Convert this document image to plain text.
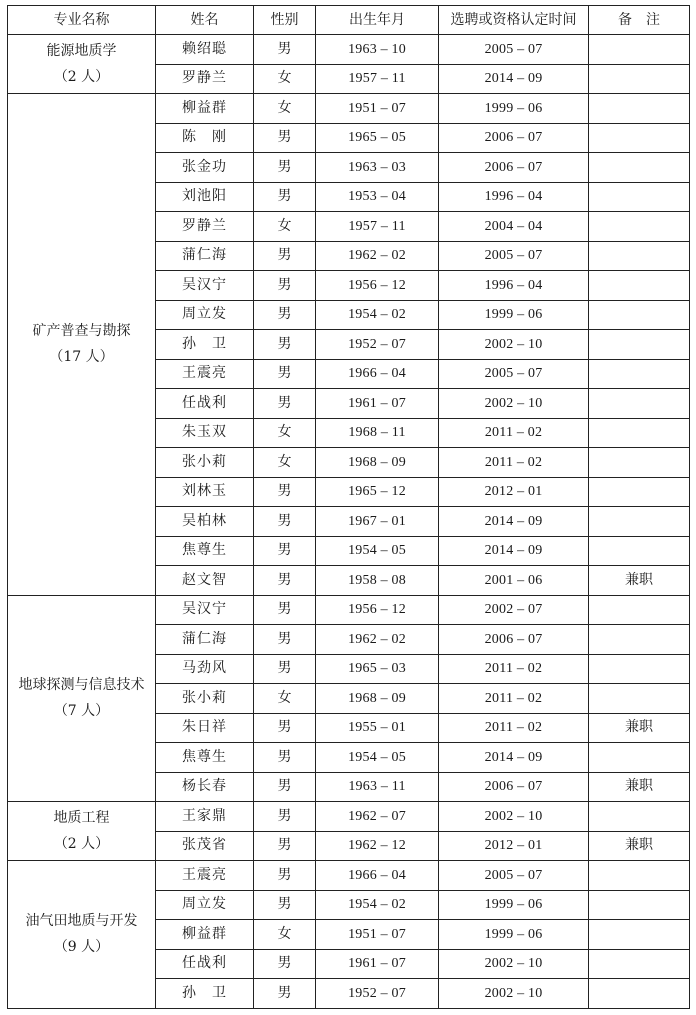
专业名称	姓名	性别	出生年月	选聘或资格认定时间	备　注

能源地质学
（2 人）	赖绍聪	男	1963 – 10	2005 – 07	
	罗静兰	女	1957 – 11	2014 – 09	

矿产普查与勘探
（17 人）	柳益群	女	1951 – 07	1999 – 06	
	陈　刚	男	1965 – 05	2006 – 07	
	张金功	男	1963 – 03	2006 – 07	
	刘池阳	男	1953 – 04	1996 – 04	
	罗静兰	女	1957 – 11	2004 – 04	
	蒲仁海	男	1962 – 02	2005 – 07	
	吴汉宁	男	1956 – 12	1996 – 04	
	周立发	男	1954 – 02	1999 – 06	
	孙　卫	男	1952 – 07	2002 – 10	
	王震亮	男	1966 – 04	2005 – 07	
	任战利	男	1961 – 07	2002 – 10	
	朱玉双	女	1968 – 11	2011 – 02	
	张小莉	女	1968 – 09	2011 – 02	
	刘林玉	男	1965 – 12	2012 – 01	
	吴柏林	男	1967 – 01	2014 – 09	
	焦尊生	男	1954 – 05	2014 – 09	
	赵文智	男	1958 – 08	2001 – 06	兼职

地球探测与信息技术
（7 人）	吴汉宁	男	1956 – 12	2002 – 07	
	蒲仁海	男	1962 – 02	2006 – 07	
	马劲风	男	1965 – 03	2011 – 02	
	张小莉	女	1968 – 09	2011 – 02	
	朱日祥	男	1955 – 01	2011 – 02	兼职
	焦尊生	男	1954 – 05	2014 – 09	
	杨长春	男	1963 – 11	2006 – 07	兼职

地质工程
（2 人）	王家鼎	男	1962 – 07	2002 – 10	
	张茂省	男	1962 – 12	2012 – 01	兼职

油气田地质与开发
（9 人）	王震亮	男	1966 – 04	2005 – 07	
	周立发	男	1954 – 02	1999 – 06	
	柳益群	女	1951 – 07	1999 – 06	
	任战利	男	1961 – 07	2002 – 10	
	孙　卫	男	1952 – 07	2002 – 10	
